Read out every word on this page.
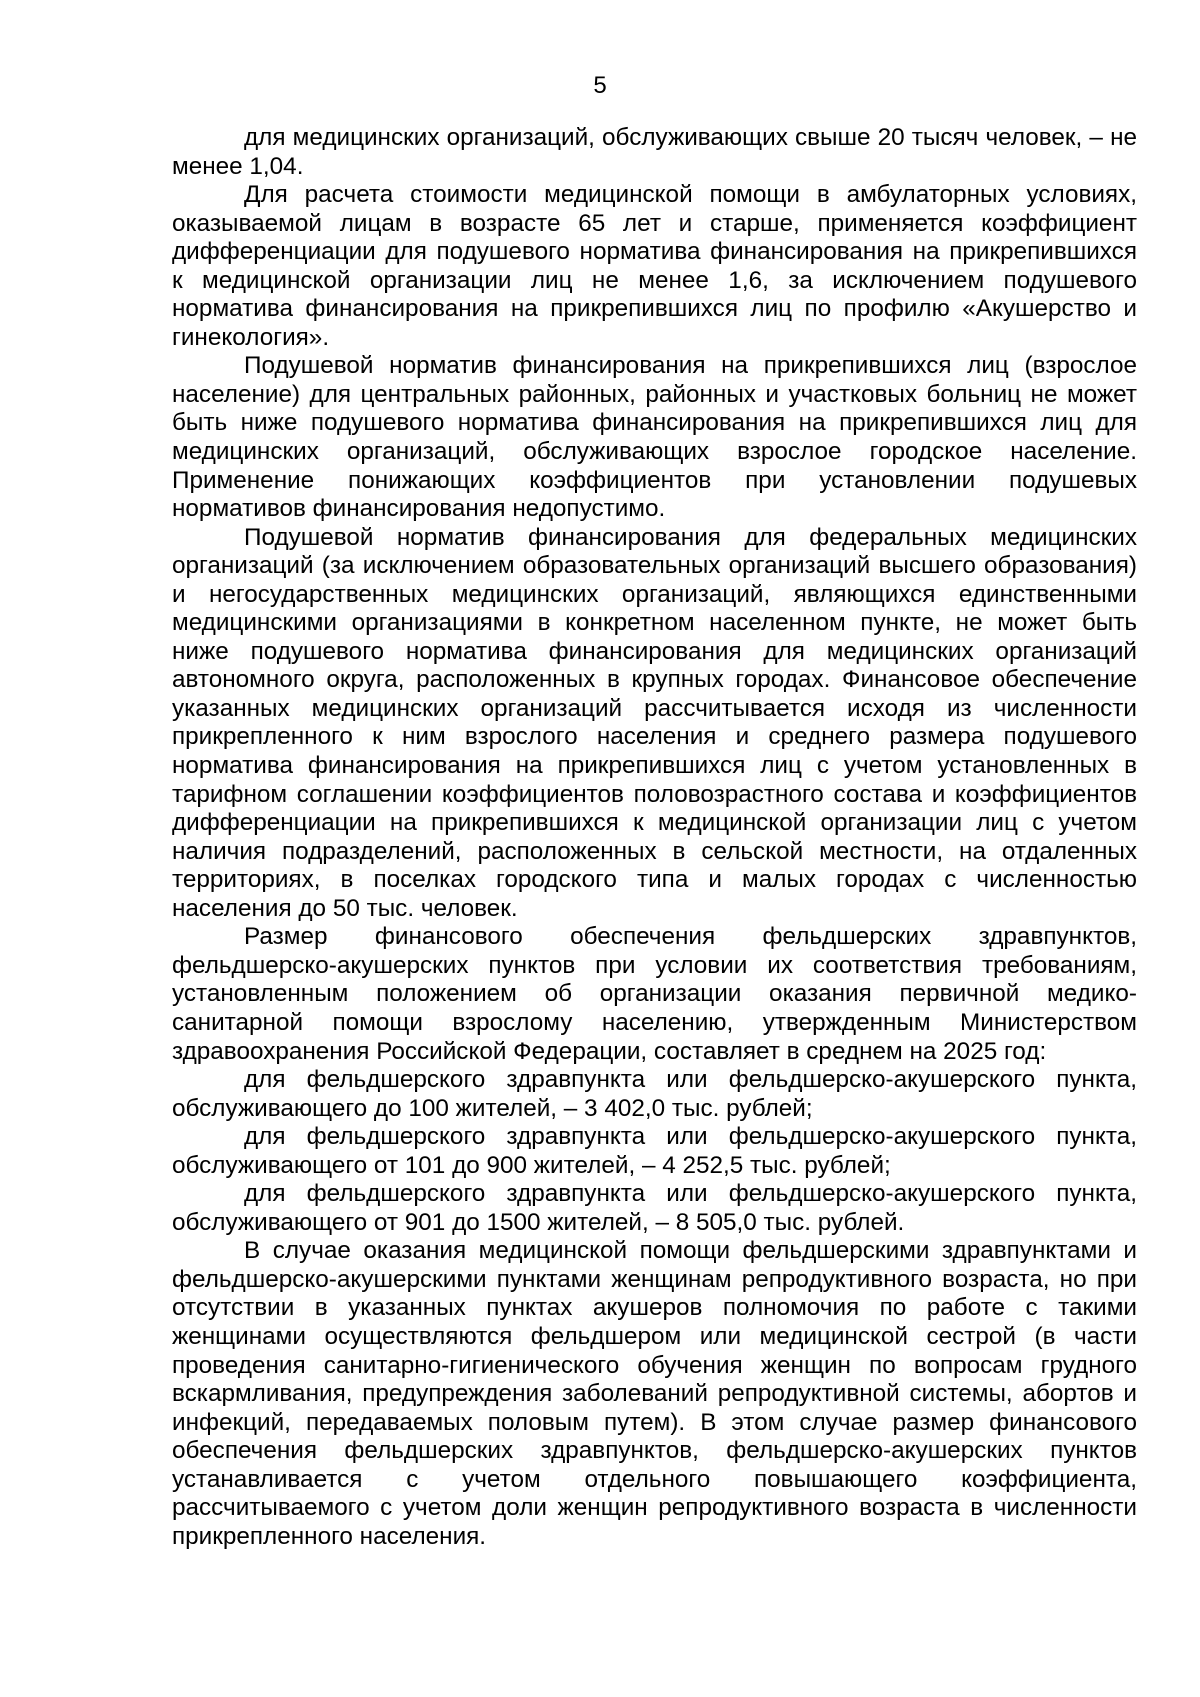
5

для медицинских организаций, обслуживающих свыше 20 тысяч человек, – не менее 1,04.

Для расчета стоимости медицинской помощи в амбулаторных условиях, оказываемой лицам в возрасте 65 лет и старше, применяется коэффициент дифференциации для подушевого норматива финансирования на прикрепившихся к медицинской организации лиц не менее 1,6, за исключением подушевого норматива финансирования на прикрепившихся лиц по профилю «Акушерство и гинекология».

Подушевой норматив финансирования на прикрепившихся лиц (взрослое население) для центральных районных, районных и участковых больниц не может быть ниже подушевого норматива финансирования на прикрепившихся лиц для медицинских организаций, обслуживающих взрослое городское население. Применение понижающих коэффициентов при установлении подушевых нормативов финансирования недопустимо.

Подушевой норматив финансирования для федеральных медицинских организаций (за исключением образовательных организаций высшего образования) и негосударственных медицинских организаций, являющихся единственными медицинскими организациями в конкретном населенном пункте, не может быть ниже подушевого норматива финансирования для медицинских организаций автономного округа, расположенных в крупных городах. Финансовое обеспечение указанных медицинских организаций рассчитывается исходя из численности прикрепленного к ним взрослого населения и среднего размера подушевого норматива финансирования на прикрепившихся лиц с учетом установленных в тарифном соглашении коэффициентов половозрастного состава и коэффициентов дифференциации на прикрепившихся к медицинской организации лиц с учетом наличия подразделений, расположенных в сельской местности, на отдаленных территориях, в поселках городского типа и малых городах с численностью населения до 50 тыс. человек.

Размер финансового обеспечения фельдшерских здравпунктов, фельдшерско-акушерских пунктов при условии их соответствия требованиям, установленным положением об организации оказания первичной медико-санитарной помощи взрослому населению, утвержденным Министерством здравоохранения Российской Федерации, составляет в среднем на 2025 год:

для фельдшерского здравпункта или фельдшерско-акушерского пункта, обслуживающего до 100 жителей, – 3 402,0 тыс. рублей;

для фельдшерского здравпункта или фельдшерско-акушерского пункта, обслуживающего от 101 до 900 жителей, – 4 252,5 тыс. рублей;

для фельдшерского здравпункта или фельдшерско-акушерского пункта, обслуживающего от 901 до 1500 жителей, – 8 505,0 тыс. рублей.

В случае оказания медицинской помощи фельдшерскими здравпунктами и фельдшерско-акушерскими пунктами женщинам репродуктивного возраста, но при отсутствии в указанных пунктах акушеров полномочия по работе с такими женщинами осуществляются фельдшером или медицинской сестрой (в части проведения санитарно-гигиенического обучения женщин по вопросам грудного вскармливания, предупреждения заболеваний репродуктивной системы, абортов и инфекций, передаваемых половым путем). В этом случае размер финансового обеспечения фельдшерских здравпунктов, фельдшерско-акушерских пунктов устанавливается с учетом отдельного повышающего коэффициента, рассчитываемого с учетом доли женщин репродуктивного возраста в численности прикрепленного населения.
